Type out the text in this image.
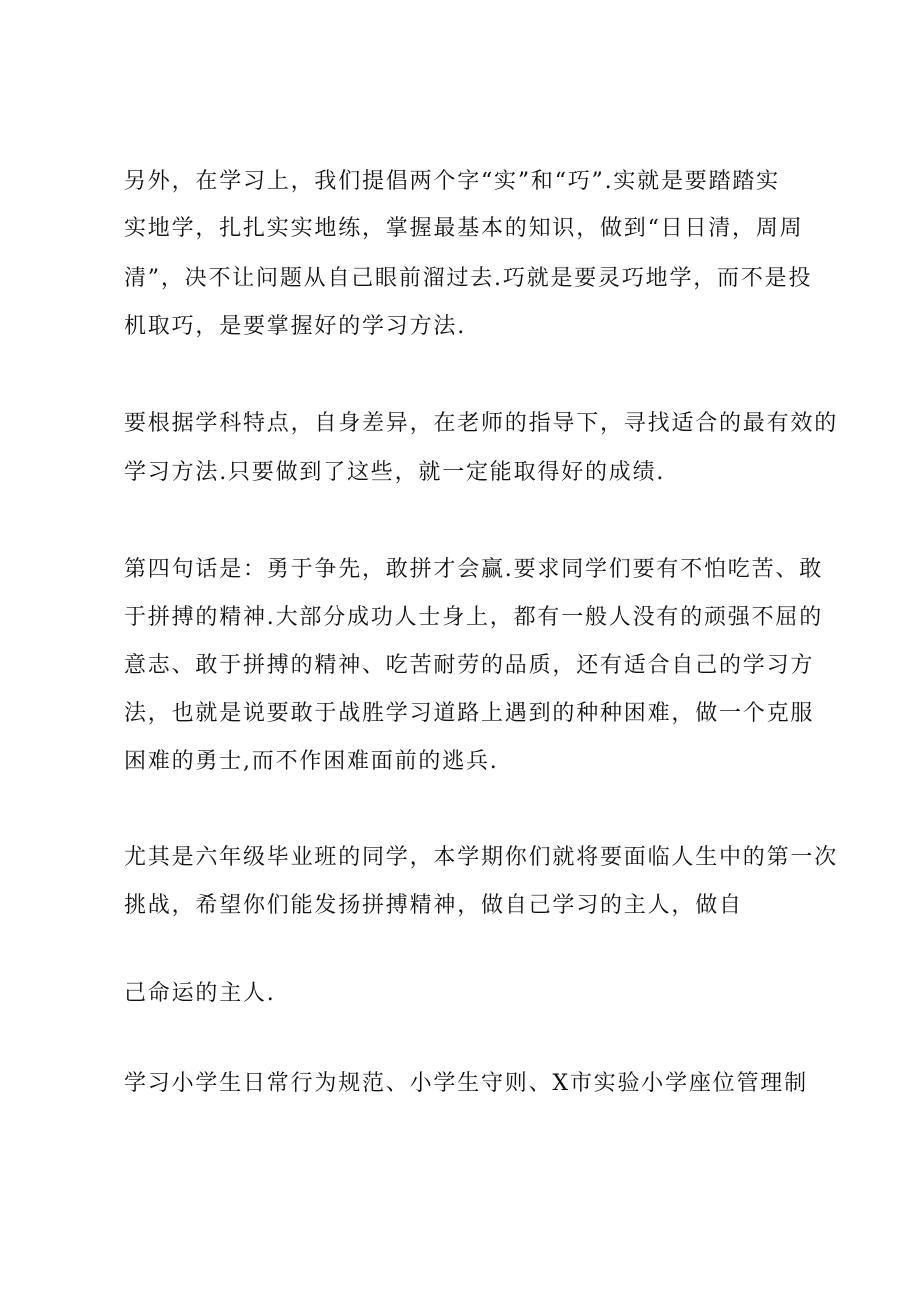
另外，在学习上，我们提倡两个字“实”和“巧”.实就是要踏踏实
实地学，扎扎实实地练，掌握最基本的知识，做到“日日清，周周
清”，决不让问题从自己眼前溜过去.巧就是要灵巧地学，而不是投
机取巧，是要掌握好的学习方法.
要根据学科特点，自身差异，在老师的指导下，寻找适合的最有效的
学习方法.只要做到了这些，就一定能取得好的成绩.
第四句话是：勇于争先，敢拼才会赢.要求同学们要有不怕吃苦、敢
于拼搏的精神.大部分成功人士身上，都有一般人没有的顽强不屈的
意志、敢于拼搏的精神、吃苦耐劳的品质，还有适合自己的学习方
法，也就是说要敢于战胜学习道路上遇到的种种困难，做一个克服
困难的勇士,而不作困难面前的逃兵.
尤其是六年级毕业班的同学，本学期你们就将要面临人生中的第一次
挑战，希望你们能发扬拼搏精神，做自己学习的主人，做自
己命运的主人.
学习小学生日常行为规范、小学生守则、X市实验小学座位管理制
